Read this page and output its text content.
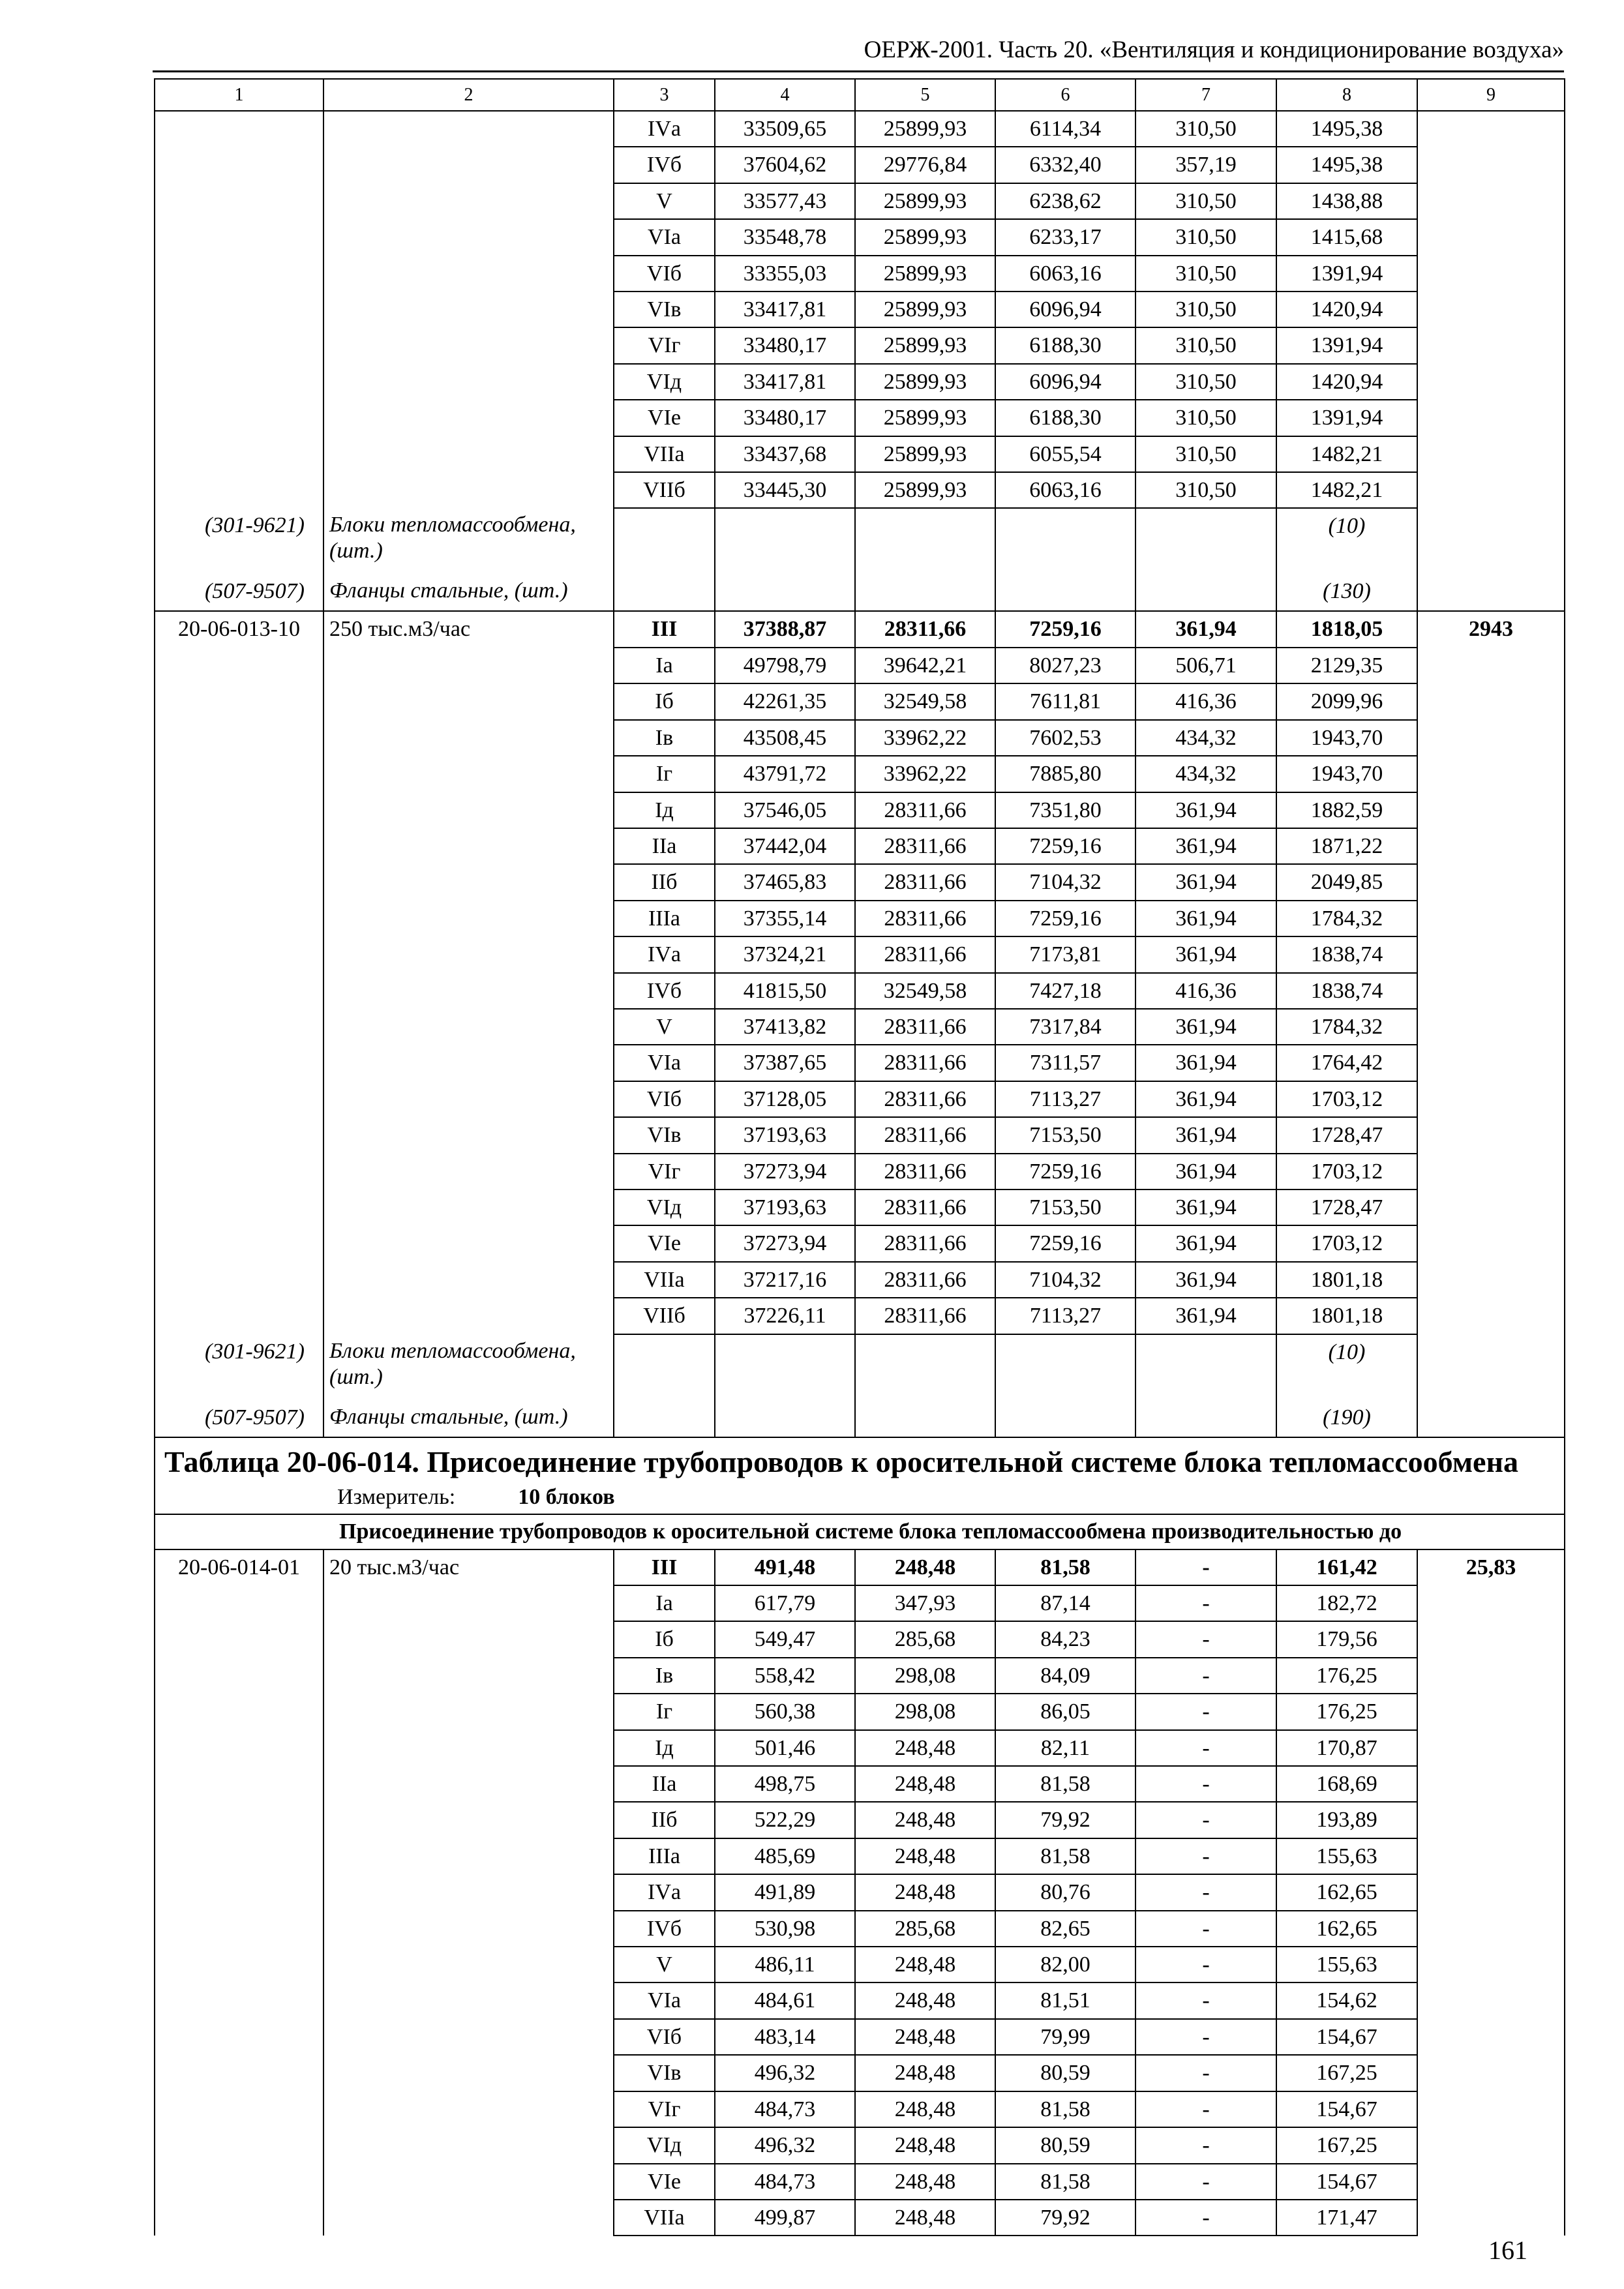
ОЕРЖ-2001. Часть 20. «Вентиляция и кондиционирование воздуха»
1	2	3	4	5	6	7	8	9
		IVа	33509,65	25899,93	6114,34	310,50	1495,38	
		IVб	37604,62	29776,84	6332,40	357,19	1495,38	
		V	33577,43	25899,93	6238,62	310,50	1438,88	
		VIа	33548,78	25899,93	6233,17	310,50	1415,68	
		VIб	33355,03	25899,93	6063,16	310,50	1391,94	
		VIв	33417,81	25899,93	6096,94	310,50	1420,94	
		VIг	33480,17	25899,93	6188,30	310,50	1391,94	
		VIд	33417,81	25899,93	6096,94	310,50	1420,94	
		VIе	33480,17	25899,93	6188,30	310,50	1391,94	
		VIIа	33437,68	25899,93	6055,54	310,50	1482,21	
		VIIб	33445,30	25899,93	6063,16	310,50	1482,21	
(301-9621)	Блоки тепломассообмена, (шт.)						(10)	
(507-9507)	Фланцы стальные, (шт.)						(130)	
20-06-013-10	250 тыс.м3/час	III	37388,87	28311,66	7259,16	361,94	1818,05	2943
		Iа	49798,79	39642,21	8027,23	506,71	2129,35	
		Iб	42261,35	32549,58	7611,81	416,36	2099,96	
		Iв	43508,45	33962,22	7602,53	434,32	1943,70	
		Iг	43791,72	33962,22	7885,80	434,32	1943,70	
		Iд	37546,05	28311,66	7351,80	361,94	1882,59	
		IIа	37442,04	28311,66	7259,16	361,94	1871,22	
		IIб	37465,83	28311,66	7104,32	361,94	2049,85	
		IIIа	37355,14	28311,66	7259,16	361,94	1784,32	
		IVа	37324,21	28311,66	7173,81	361,94	1838,74	
		IVб	41815,50	32549,58	7427,18	416,36	1838,74	
		V	37413,82	28311,66	7317,84	361,94	1784,32	
		VIа	37387,65	28311,66	7311,57	361,94	1764,42	
		VIб	37128,05	28311,66	7113,27	361,94	1703,12	
		VIв	37193,63	28311,66	7153,50	361,94	1728,47	
		VIг	37273,94	28311,66	7259,16	361,94	1703,12	
		VIд	37193,63	28311,66	7153,50	361,94	1728,47	
		VIе	37273,94	28311,66	7259,16	361,94	1703,12	
		VIIа	37217,16	28311,66	7104,32	361,94	1801,18	
		VIIб	37226,11	28311,66	7113,27	361,94	1801,18	
(301-9621)	Блоки тепломассообмена, (шт.)						(10)	
(507-9507)	Фланцы стальные, (шт.)						(190)	
Таблица 20-06-014. Присоединение трубопроводов к оросительной системе блока тепломассообмена								
Измеритель: 10 блоков								
Присоединение трубопроводов к оросительной системе блока тепломассообмена производительностью до								
20-06-014-01	20 тыс.м3/час	III	491,48	248,48	81,58	-	161,42	25,83
		Iа	617,79	347,93	87,14	-	182,72	
		Iб	549,47	285,68	84,23	-	179,56	
		Iв	558,42	298,08	84,09	-	176,25	
		Iг	560,38	298,08	86,05	-	176,25	
		Iд	501,46	248,48	82,11	-	170,87	
		IIа	498,75	248,48	81,58	-	168,69	
		IIб	522,29	248,48	79,92	-	193,89	
		IIIа	485,69	248,48	81,58	-	155,63	
		IVа	491,89	248,48	80,76	-	162,65	
		IVб	530,98	285,68	82,65	-	162,65	
		V	486,11	248,48	82,00	-	155,63	
		VIа	484,61	248,48	81,51	-	154,62	
		VIб	483,14	248,48	79,99	-	154,67	
		VIв	496,32	248,48	80,59	-	167,25	
		VIг	484,73	248,48	81,58	-	154,67	
		VIд	496,32	248,48	80,59	-	167,25	
		VIе	484,73	248,48	81,58	-	154,67	
		VIIа	499,87	248,48	79,92	-	171,47	
161
